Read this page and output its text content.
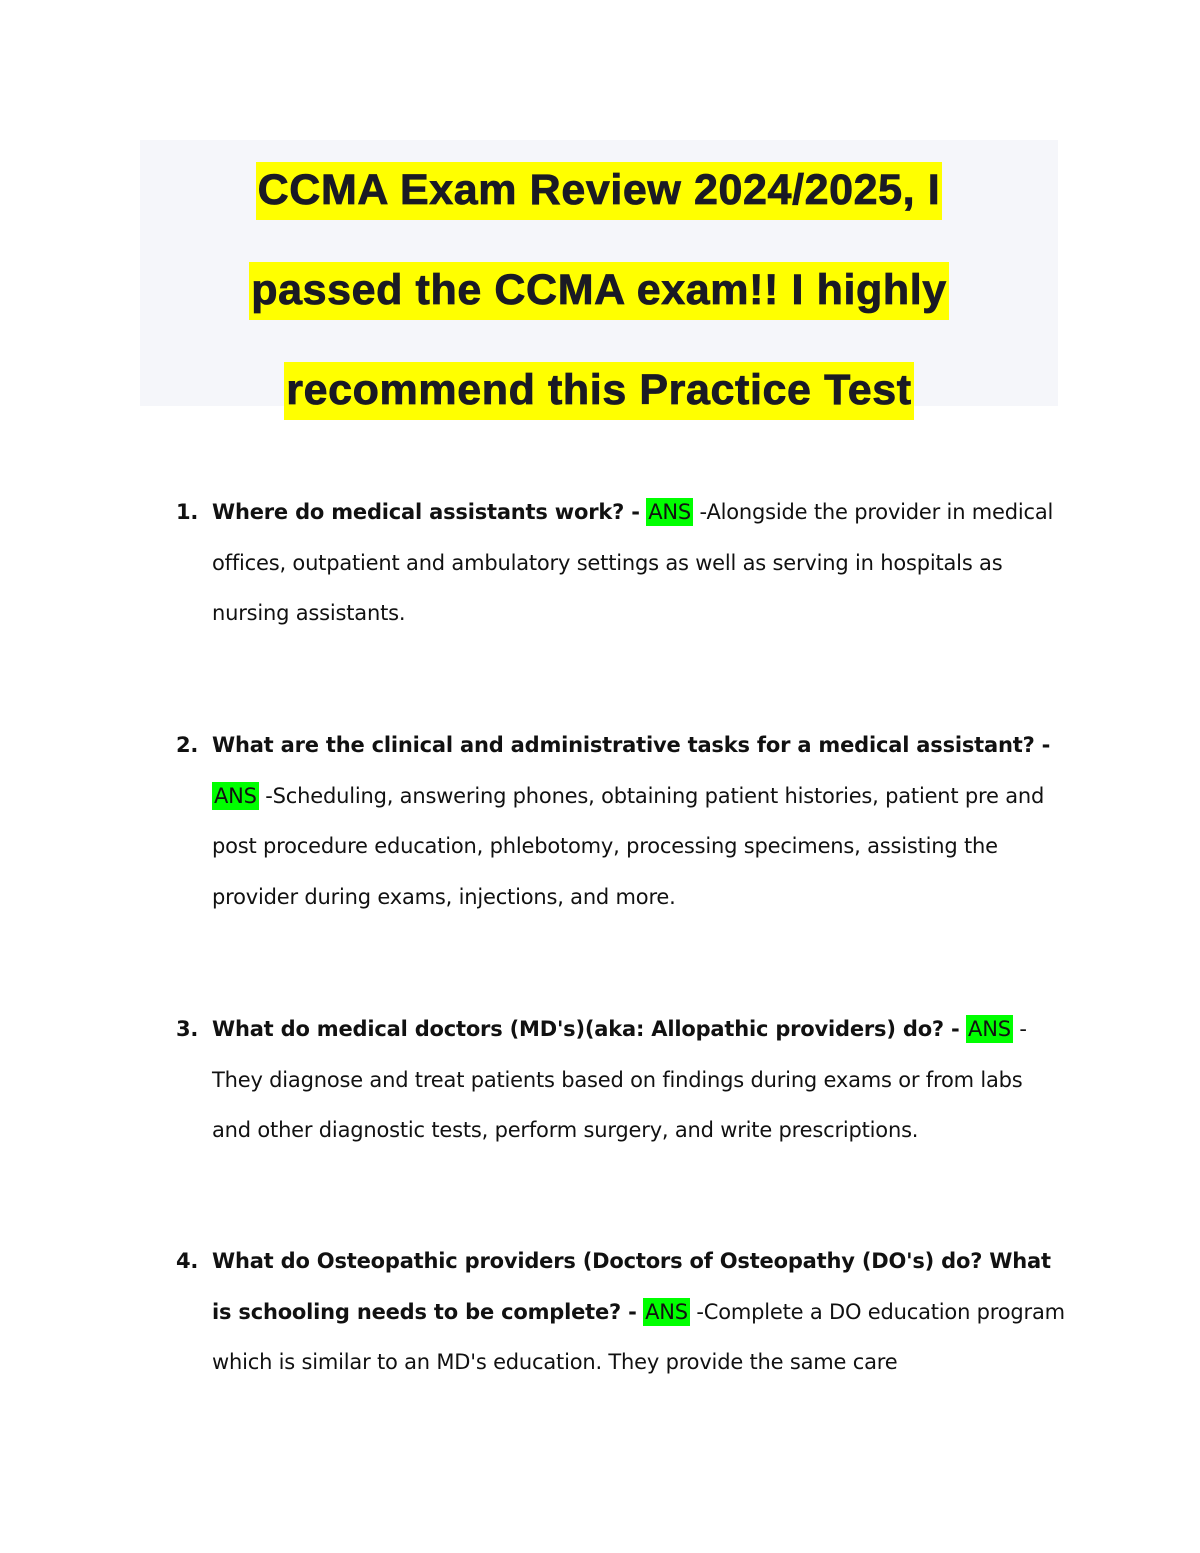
CCMA Exam Review 2024/2025, I
passed the CCMA exam!! I highly
recommend this Practice Test
1. Where do medical assistants work? - ANS -Alongside the provider in medical offices, outpatient and ambulatory settings as well as serving in hospitals as nursing assistants.
2. What are the clinical and administrative tasks for a medical assistant? - ANS -Scheduling, answering phones, obtaining patient histories, patient pre and post procedure education, phlebotomy, processing specimens, assisting the provider during exams, injections, and more.
3. What do medical doctors (MD's)(aka: Allopathic providers) do? - ANS - They diagnose and treat patients based on findings during exams or from labs and other diagnostic tests, perform surgery, and write prescriptions.
4. What do Osteopathic providers (Doctors of Osteopathy (DO's) do? What is schooling needs to be complete? - ANS -Complete a DO education program which is similar to an MD's education. They provide the same care
